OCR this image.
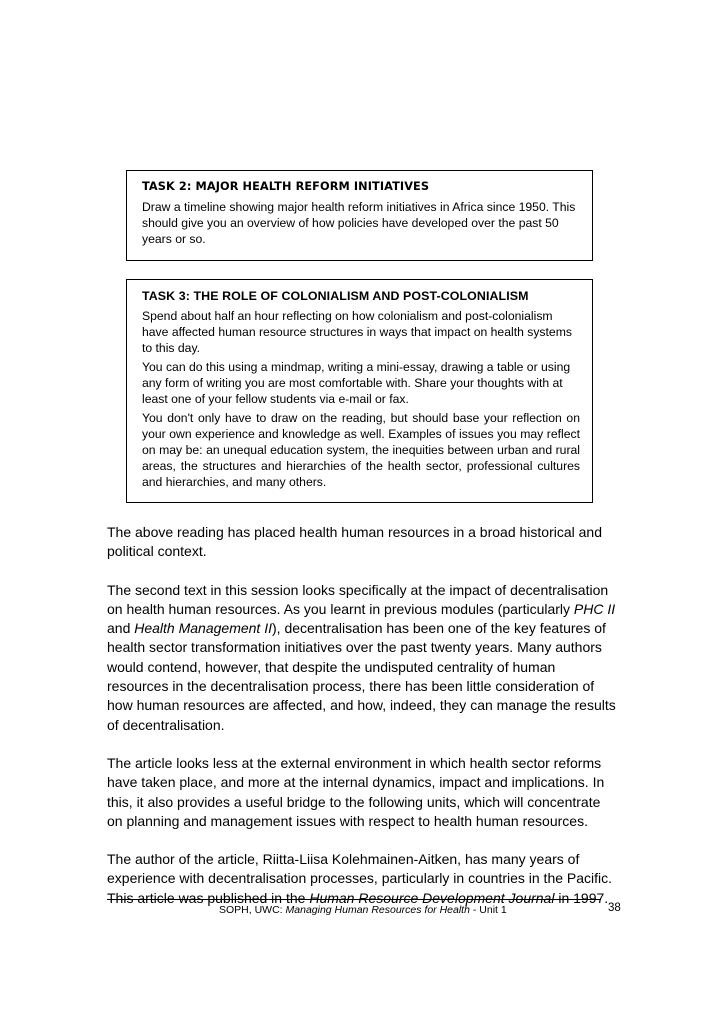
TASK 2: MAJOR HEALTH REFORM INITIATIVES
Draw a timeline showing major health reform initiatives in Africa since 1950. This should give you an overview of how policies have developed over the past 50 years or so.
TASK 3: THE ROLE OF COLONIALISM AND POST-COLONIALISM
Spend about half an hour reflecting on how colonialism and post-colonialism have affected human resource structures in ways that impact on health systems to this day.
You can do this using a mindmap, writing a mini-essay, drawing a table or using any form of writing you are most comfortable with. Share your thoughts with at least one of your fellow students via e-mail or fax.
You don't only have to draw on the reading, but should base your reflection on your own experience and knowledge as well. Examples of issues you may reflect on may be: an unequal education system, the inequities between urban and rural areas, the structures and hierarchies of the health sector, professional cultures and hierarchies, and many others.

The above reading has placed health human resources in a broad historical and political context.

The second text in this session looks specifically at the impact of decentralisation on health human resources. As you learnt in previous modules (particularly PHC II and Health Management II), decentralisation has been one of the key features of health sector transformation initiatives over the past twenty years. Many authors would contend, however, that despite the undisputed centrality of human resources in the decentralisation process, there has been little consideration of how human resources are affected, and how, indeed, they can manage the results of decentralisation.

The article looks less at the external environment in which health sector reforms have taken place, and more at the internal dynamics, impact and implications. In this, it also provides a useful bridge to the following units, which will concentrate on planning and management issues with respect to health human resources.

The author of the article, Riitta-Liisa Kolehmainen-Aitken, has many years of experience with decentralisation processes, particularly in countries in the Pacific. This article was published in the Human Resource Development Journal in 1997.

SOPH, UWC: Managing Human Resources for Health - Unit 1	38
